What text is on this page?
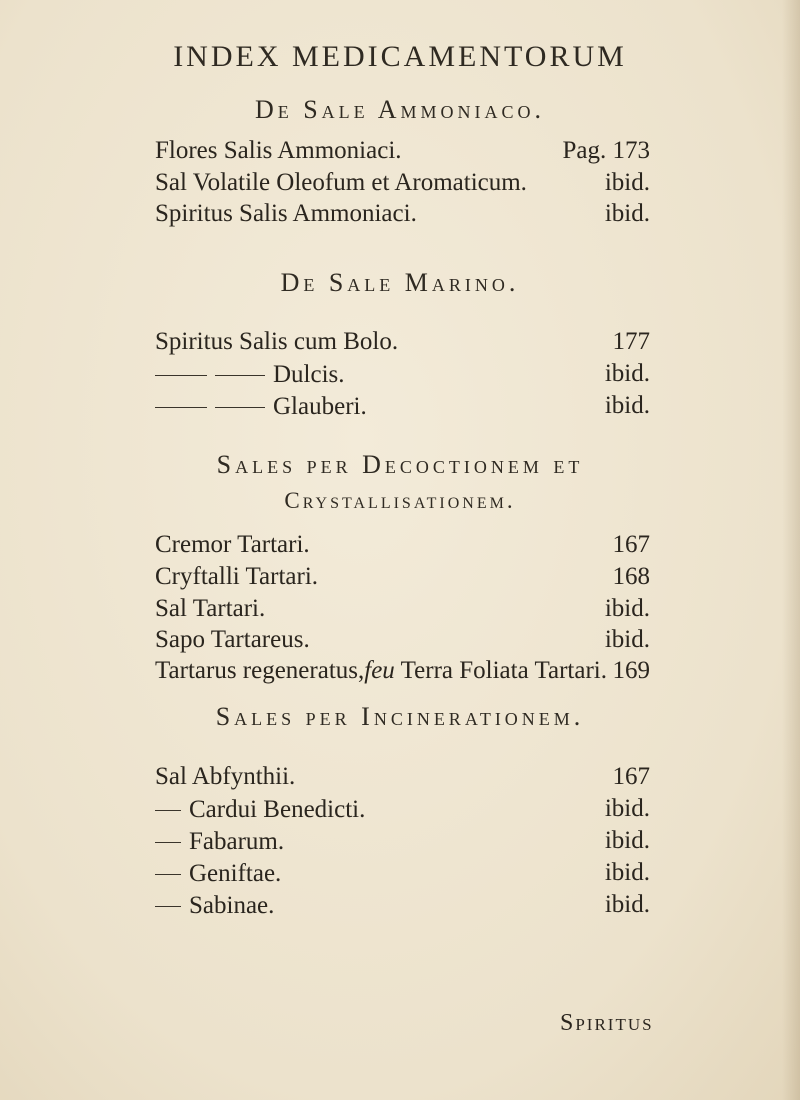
INDEX MEDICAMENTORUM
De Sale Ammoniaco.
Flores Salis Ammoniaci.	Pag. 173
Sal Volatile Oleofum et Aromaticum.	ibid.
Spiritus Salis Ammoniaci.	ibid.
De Sale Marino.
Spiritus Salis cum Bolo.	177
Dulcis.	ibid.
Glauberi.	ibid.
Sales per Decoctionem et
Crystallisationem.
Cremor Tartari.	167
Cryftalli Tartari.	168
Sal Tartari.	ibid.
Sapo Tartareus.	ibid.
Tartarus regeneratus,feu Terra Foliata Tartari. 169
Sales per Incinerationem.
Sal Abfynthii.	167
Cardui Benedicti.	ibid.
Fabarum.	ibid.
Geniftae.	ibid.
Sabinae.	ibid.
Spiritus
